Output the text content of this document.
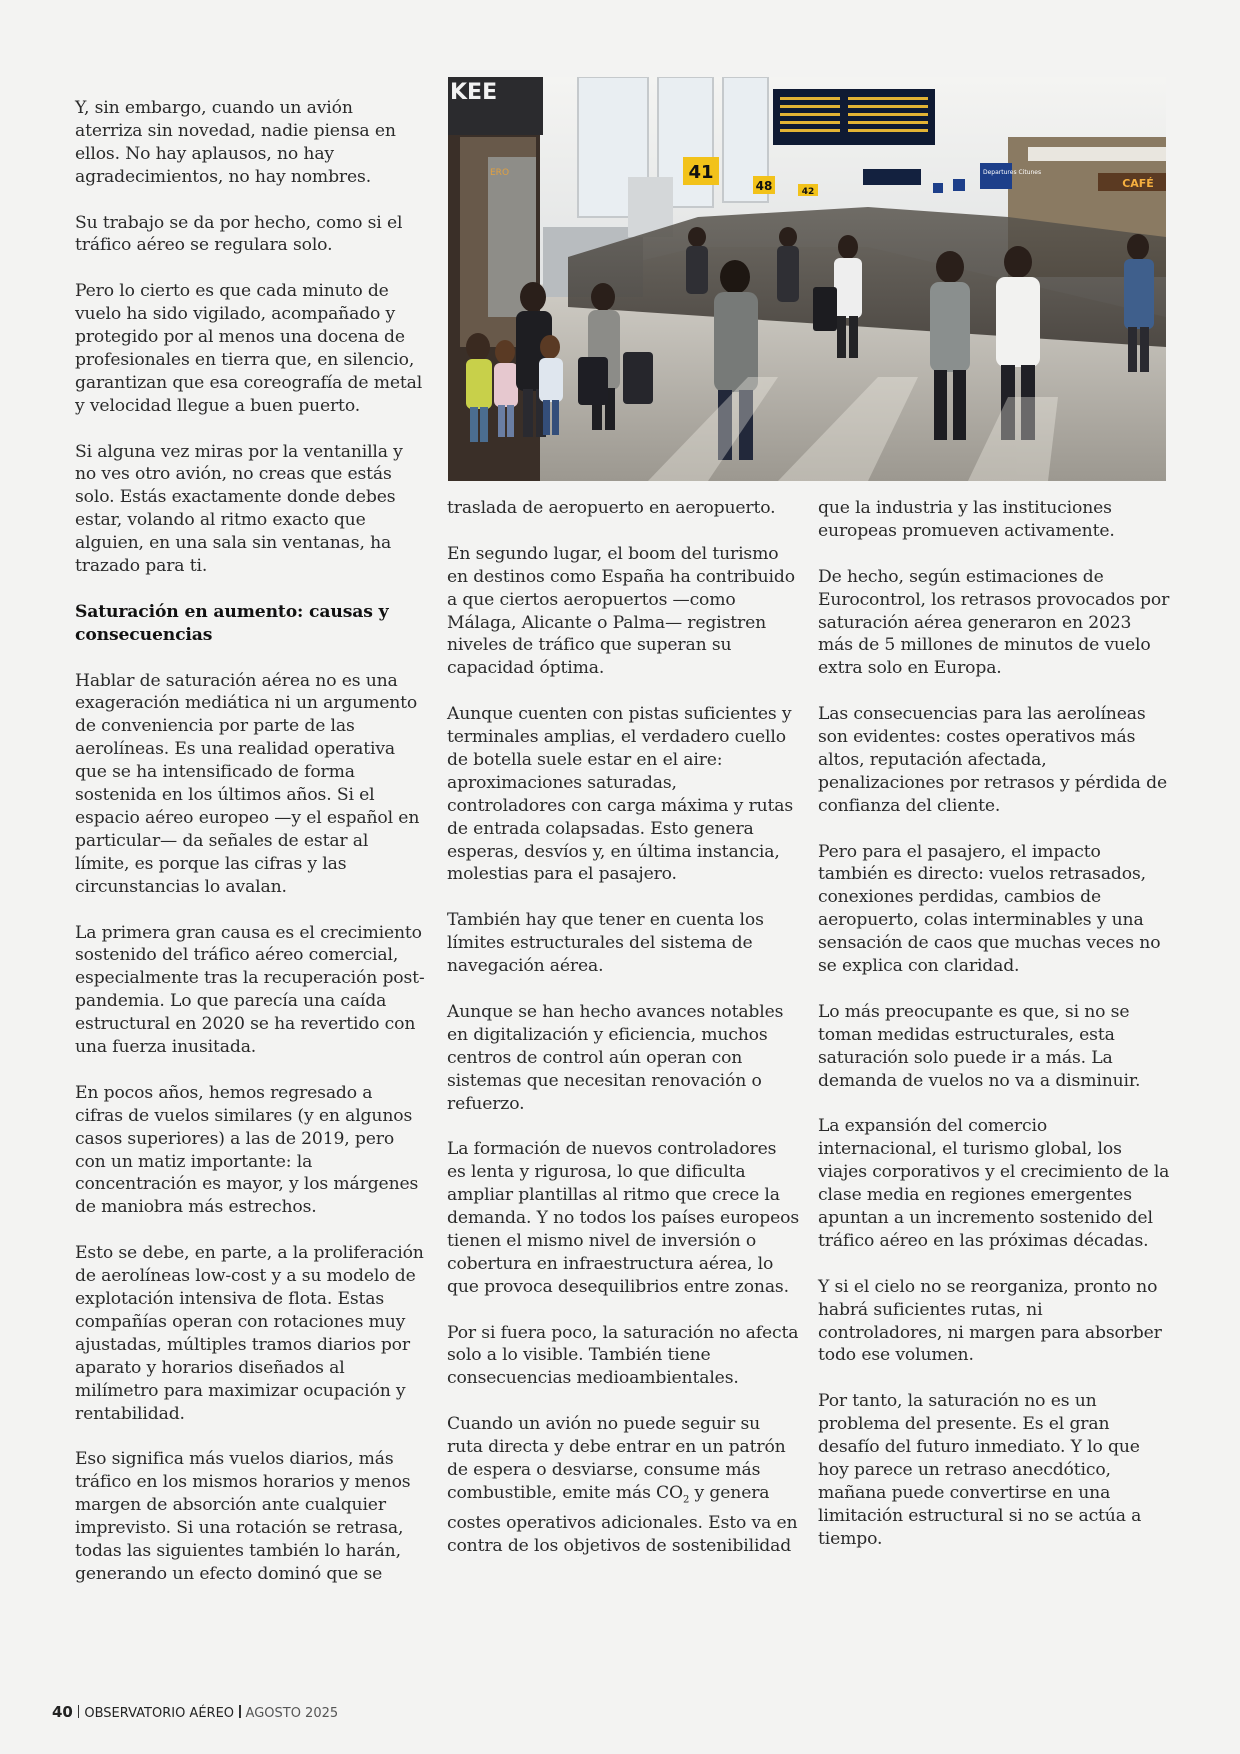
Y, sin embargo, cuando un avión aterriza sin novedad, nadie piensa en ellos. No hay aplausos, no hay agradecimientos, no hay nombres.

Su trabajo se da por hecho, como si el tráfico aéreo se regulara solo.

Pero lo cierto es que cada minuto de vuelo ha sido vigilado, acompañado y protegido por al menos una docena de profesionales en tierra que, en silencio, garantizan que esa coreografía de metal y velocidad llegue a buen puerto.

Si alguna vez miras por la ventanilla y no ves otro avión, no creas que estás solo. Estás exactamente donde debes estar, volando al ritmo exacto que alguien, en una sala sin ventanas, ha trazado para ti.

Saturación en aumento: causas y consecuencias

Hablar de saturación aérea no es una exageración mediática ni un argumento de conveniencia por parte de las aerolíneas. Es una realidad operativa que se ha intensificado de forma sostenida en los últimos años. Si el espacio aéreo europeo —y el español en particular— da señales de estar al límite, es porque las cifras y las circunstancias lo avalan.

La primera gran causa es el crecimiento sostenido del tráfico aéreo comercial, especialmente tras la recuperación post-pandemia. Lo que parecía una caída estructural en 2020 se ha revertido con una fuerza inusitada.

En pocos años, hemos regresado a cifras de vuelos similares (y en algunos casos superiores) a las de 2019, pero con un matiz importante: la concentración es mayor, y los márgenes de maniobra más estrechos.

Esto se debe, en parte, a la proliferación de aerolíneas low-cost y a su modelo de explotación intensiva de flota. Estas compañías operan con rotaciones muy ajustadas, múltiples tramos diarios por aparato y horarios diseñados al milímetro para maximizar ocupación y rentabilidad.

Eso significa más vuelos diarios, más tráfico en los mismos horarios y menos margen de absorción ante cualquier imprevisto. Si una rotación se retrasa, todas las siguientes también lo harán, generando un efecto dominó que se

KEE
ERO	41
48	42
Departures Citunes
CAFÉ

traslada de aeropuerto en aeropuerto.

En segundo lugar, el boom del turismo en destinos como España ha contribuido a que ciertos aeropuertos —como Málaga, Alicante o Palma— registren niveles de tráfico que superan su capacidad óptima.

Aunque cuenten con pistas suficientes y terminales amplias, el verdadero cuello de botella suele estar en el aire: aproximaciones saturadas, controladores con carga máxima y rutas de entrada colapsadas. Esto genera esperas, desvíos y, en última instancia, molestias para el pasajero.

También hay que tener en cuenta los límites estructurales del sistema de navegación aérea.

Aunque se han hecho avances notables en digitalización y eficiencia, muchos centros de control aún operan con sistemas que necesitan renovación o refuerzo.

La formación de nuevos controladores es lenta y rigurosa, lo que dificulta ampliar plantillas al ritmo que crece la demanda. Y no todos los países europeos tienen el mismo nivel de inversión o cobertura en infraestructura aérea, lo que provoca desequilibrios entre zonas.

Por si fuera poco, la saturación no afecta solo a lo visible. También tiene consecuencias medioambientales.

Cuando un avión no puede seguir su ruta directa y debe entrar en un patrón de espera o desviarse, consume más combustible, emite más $CO_2$ y genera costes operativos adicionales. Esto va en contra de los objetivos de sostenibilidad

que la industria y las instituciones europeas promueven activamente.

De hecho, según estimaciones de Eurocontrol, los retrasos provocados por saturación aérea generaron en 2023 más de 5 millones de minutos de vuelo extra solo en Europa.

Las consecuencias para las aerolíneas son evidentes: costes operativos más altos, reputación afectada, penalizaciones por retrasos y pérdida de confianza del cliente.

Pero para el pasajero, el impacto también es directo: vuelos retrasados, conexiones perdidas, cambios de aeropuerto, colas interminables y una sensación de caos que muchas veces no se explica con claridad.

Lo más preocupante es que, si no se toman medidas estructurales, esta saturación solo puede ir a más. La demanda de vuelos no va a disminuir.

La expansión del comercio internacional, el turismo global, los viajes corporativos y el crecimiento de la clase media en regiones emergentes apuntan a un incremento sostenido del tráfico aéreo en las próximas décadas.

Y si el cielo no se reorganiza, pronto no habrá suficientes rutas, ni controladores, ni margen para absorber todo ese volumen.

Por tanto, la saturación no es un problema del presente. Es el gran desafío del futuro inmediato. Y lo que hoy parece un retraso anecdótico, mañana puede convertirse en una limitación estructural si no se actúa a tiempo.

40 OBSERVATORIO AÉREO AGOSTO 2025
